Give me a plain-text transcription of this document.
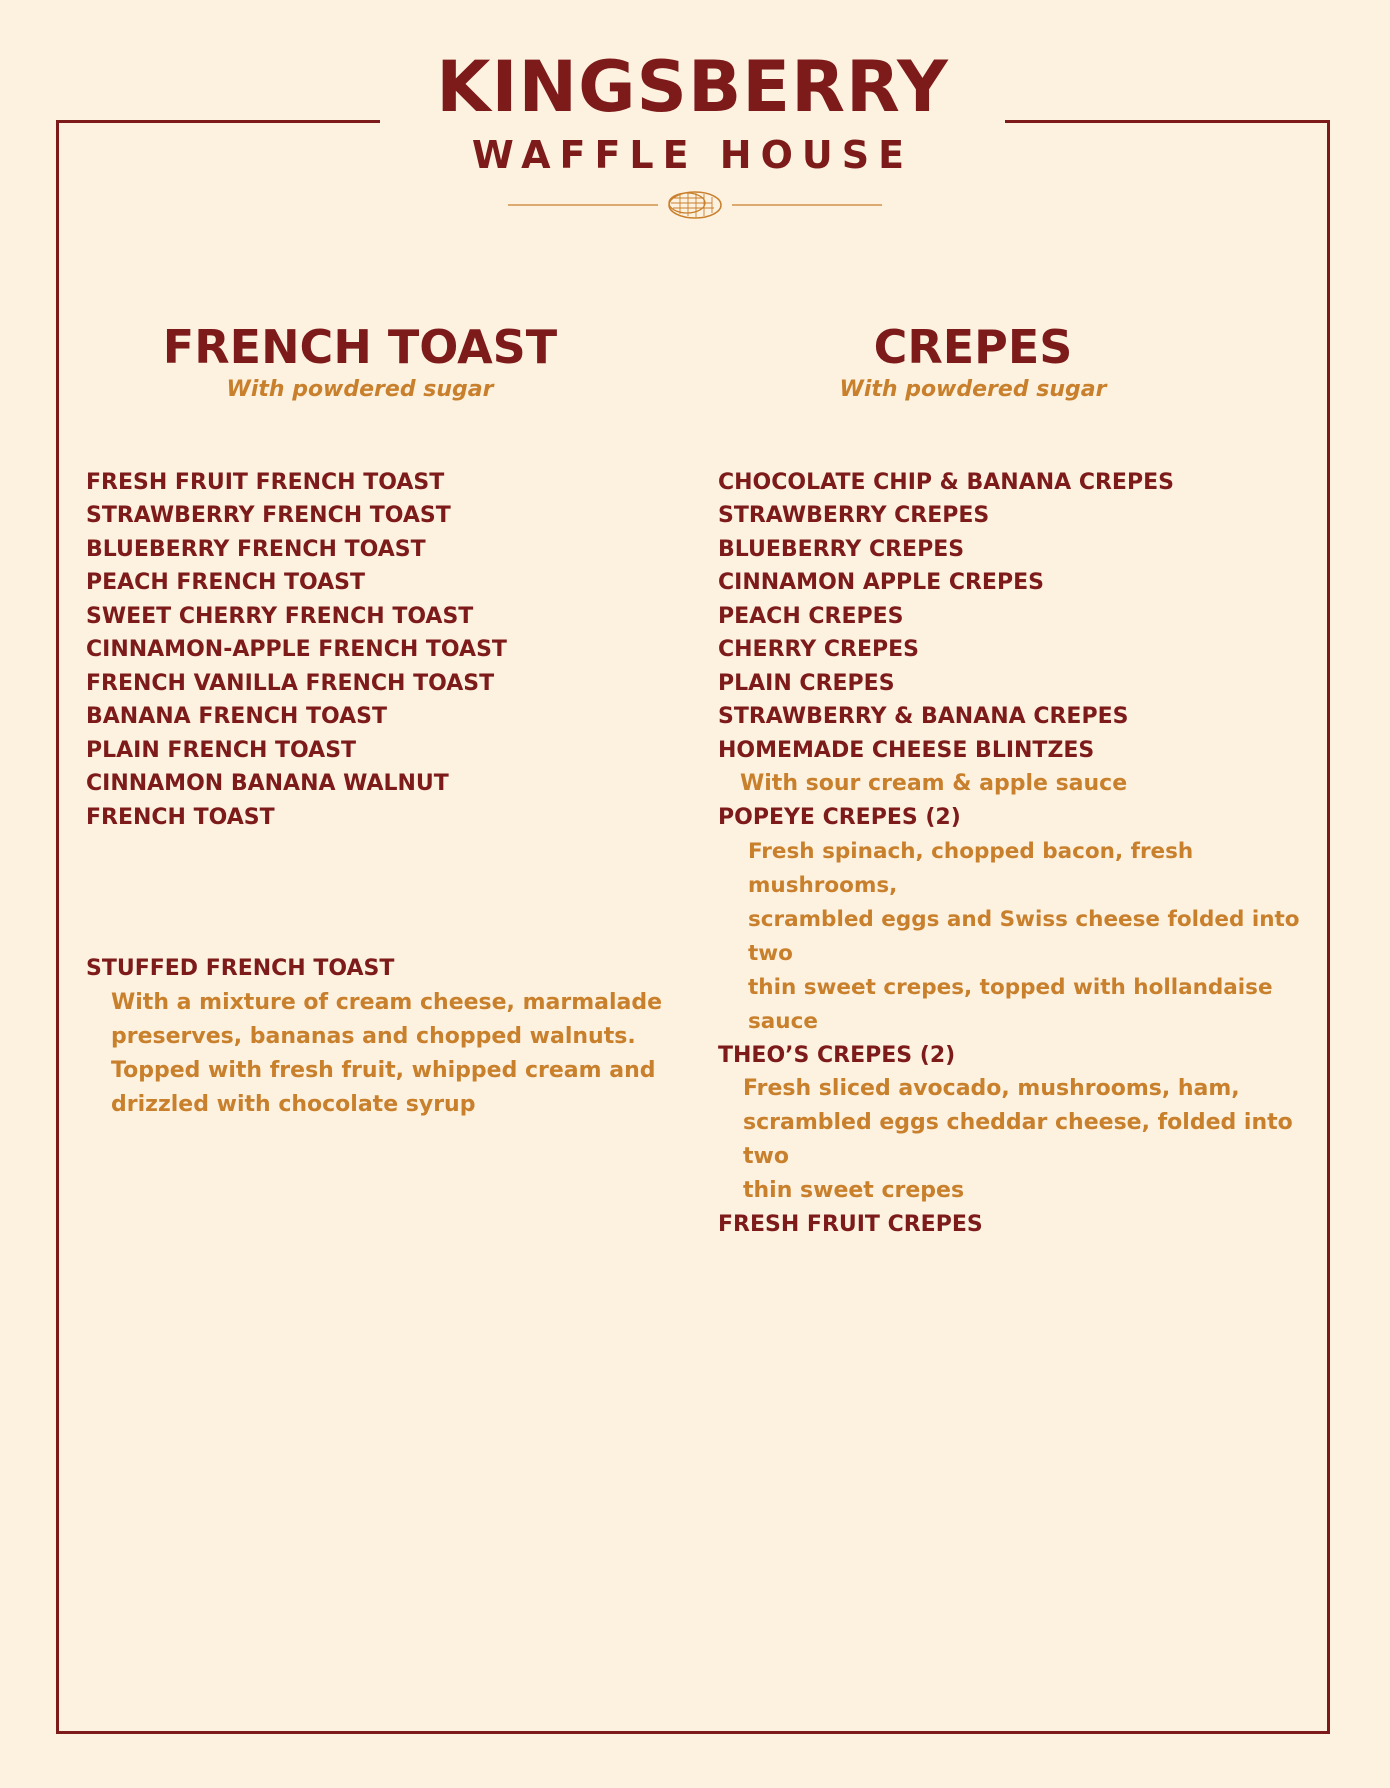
KINGSBERRY
WAFFLE HOUSE
FRENCH TOAST
With powdered sugar
FRESH FRUIT FRENCH TOAST
STRAWBERRY FRENCH TOAST
BLUEBERRY FRENCH TOAST
PEACH FRENCH TOAST
SWEET CHERRY FRENCH TOAST
CINNAMON-APPLE FRENCH TOAST
FRENCH VANILLA FRENCH TOAST
BANANA FRENCH TOAST
PLAIN FRENCH TOAST
CINNAMON BANANA WALNUT
FRENCH TOAST
STUFFED FRENCH TOAST
With a mixture of cream cheese, marmalade
preserves, bananas and chopped walnuts.
Topped with fresh fruit, whipped cream and
drizzled with chocolate syrup
CREPES
With powdered sugar
CHOCOLATE CHIP & BANANA CREPES
STRAWBERRY CREPES
BLUEBERRY CREPES
CINNAMON APPLE CREPES
PEACH CREPES
CHERRY CREPES
PLAIN CREPES
STRAWBERRY & BANANA CREPES
HOMEMADE CHEESE BLINTZES
With sour cream & apple sauce
POPEYE CREPES (2)
Fresh spinach, chopped bacon, fresh mushrooms,
scrambled eggs and Swiss cheese folded into two
thin sweet crepes, topped with hollandaise sauce
THEO’S CREPES (2)
Fresh sliced avocado, mushrooms, ham,
scrambled eggs cheddar cheese, folded into two
thin sweet crepes
FRESH FRUIT CREPES
